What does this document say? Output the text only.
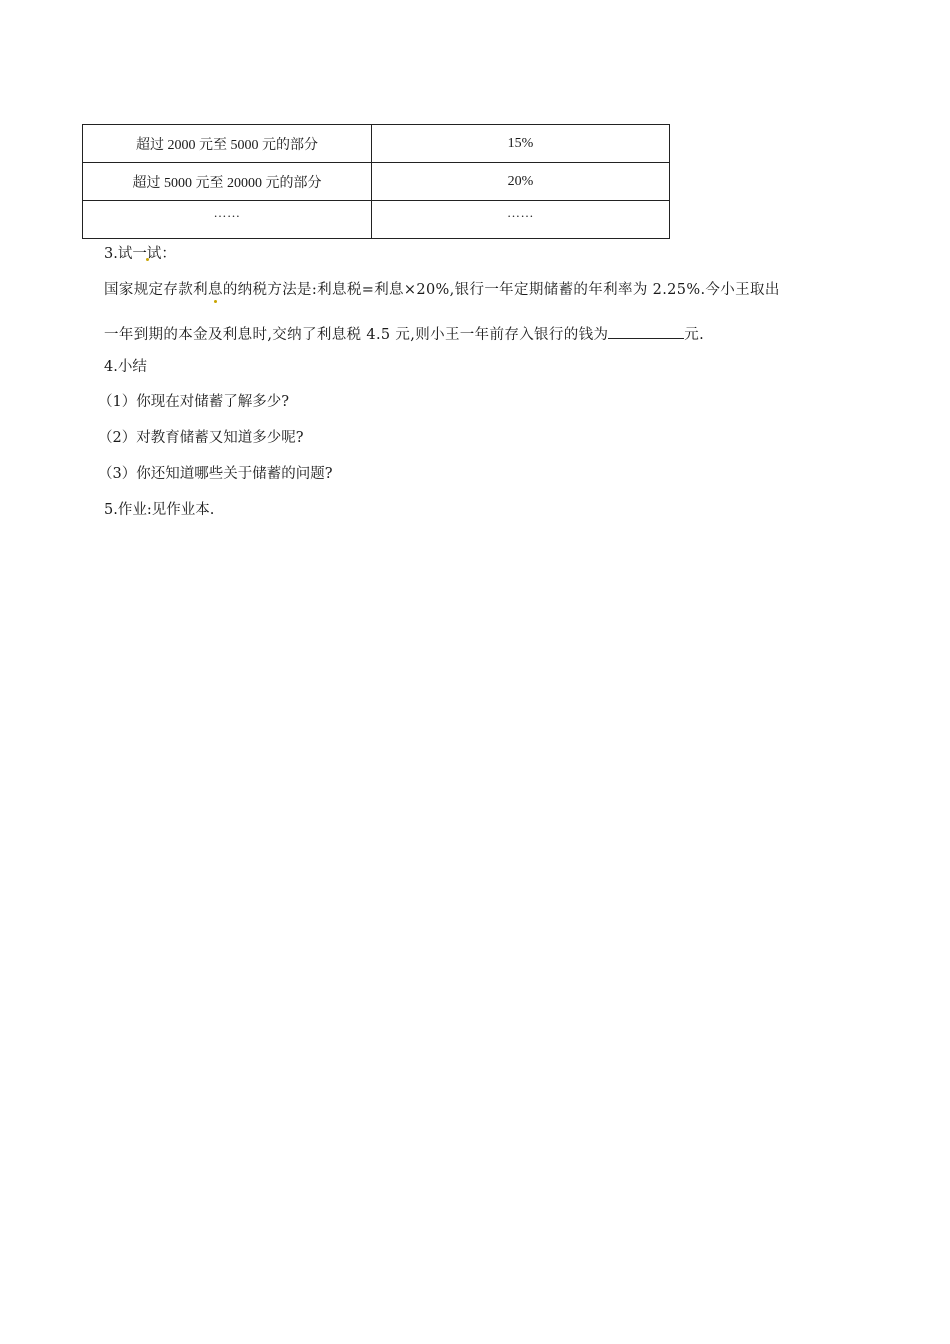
超过 2000 元至 5000 元的部分	15%
超过 5000 元至 20000 元的部分	20%
……	……
3.试一试：
国家规定存款利息的纳税方法是:利息税=利息×20%,银行一年定期储蓄的年利率为 2.25%.今小王取出
一年到期的本金及利息时,交纳了利息税 4.5 元,则小王一年前存入银行的钱为	元.
4.小结
（1）你现在对储蓄了解多少?
（2）对教育储蓄又知道多少呢?
（3）你还知道哪些关于储蓄的问题?
5.作业:见作业本.
